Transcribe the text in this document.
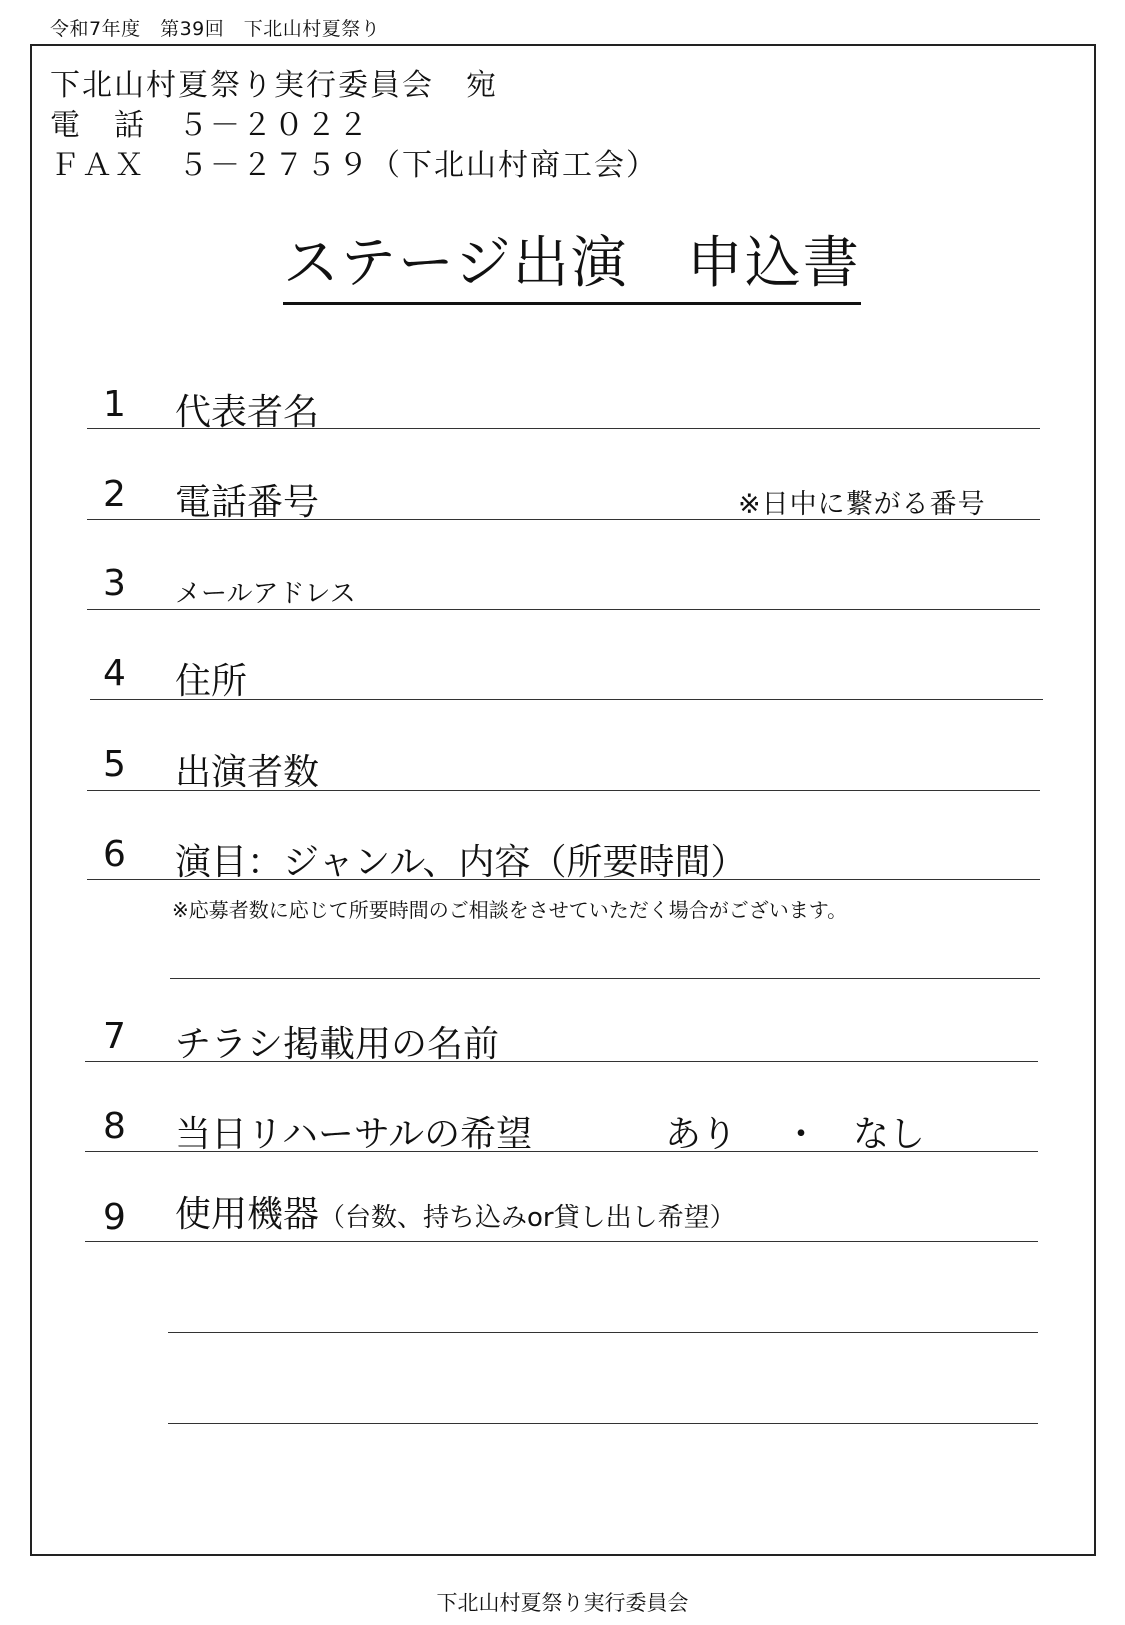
令和7年度　第39回　下北山村夏祭り
下北山村夏祭り実行委員会　宛
電　話　５－２０２２
ＦＡＸ　５－２７５９（下北山村商工会）
ステージ出演　申込書
1 代表者名
2 電話番号	※日中に繋がる番号
3 メールアドレス
4 住所
5 出演者数
6 演目：ジャンル、内容（所要時間）
※応募者数に応じて所要時間のご相談をさせていただく場合がございます。
7 チラシ掲載用の名前
8 当日リハーサルの希望	あり ・ なし
9 使用機器（台数、持ち込みor貸し出し希望）
下北山村夏祭り実行委員会
